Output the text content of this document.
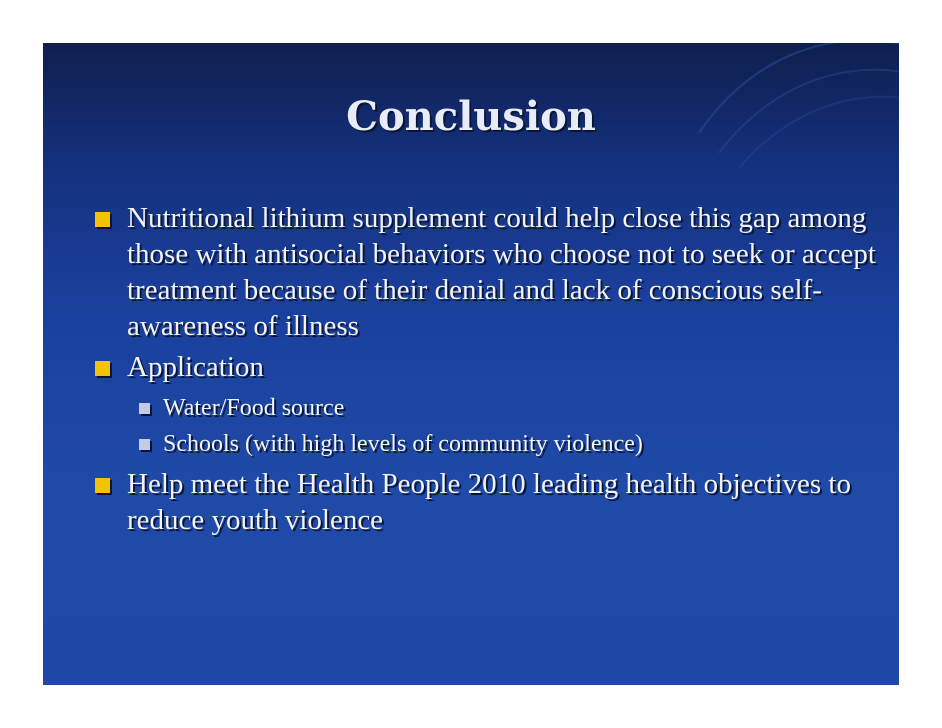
Conclusion
Nutritional lithium supplement could help close this gap among those with antisocial behaviors who choose not to seek or accept treatment because of their denial and lack of conscious self-awareness of illness
Application
Water/Food source
Schools (with high levels of community violence)
Help meet the Health People 2010 leading health objectives to reduce youth violence
